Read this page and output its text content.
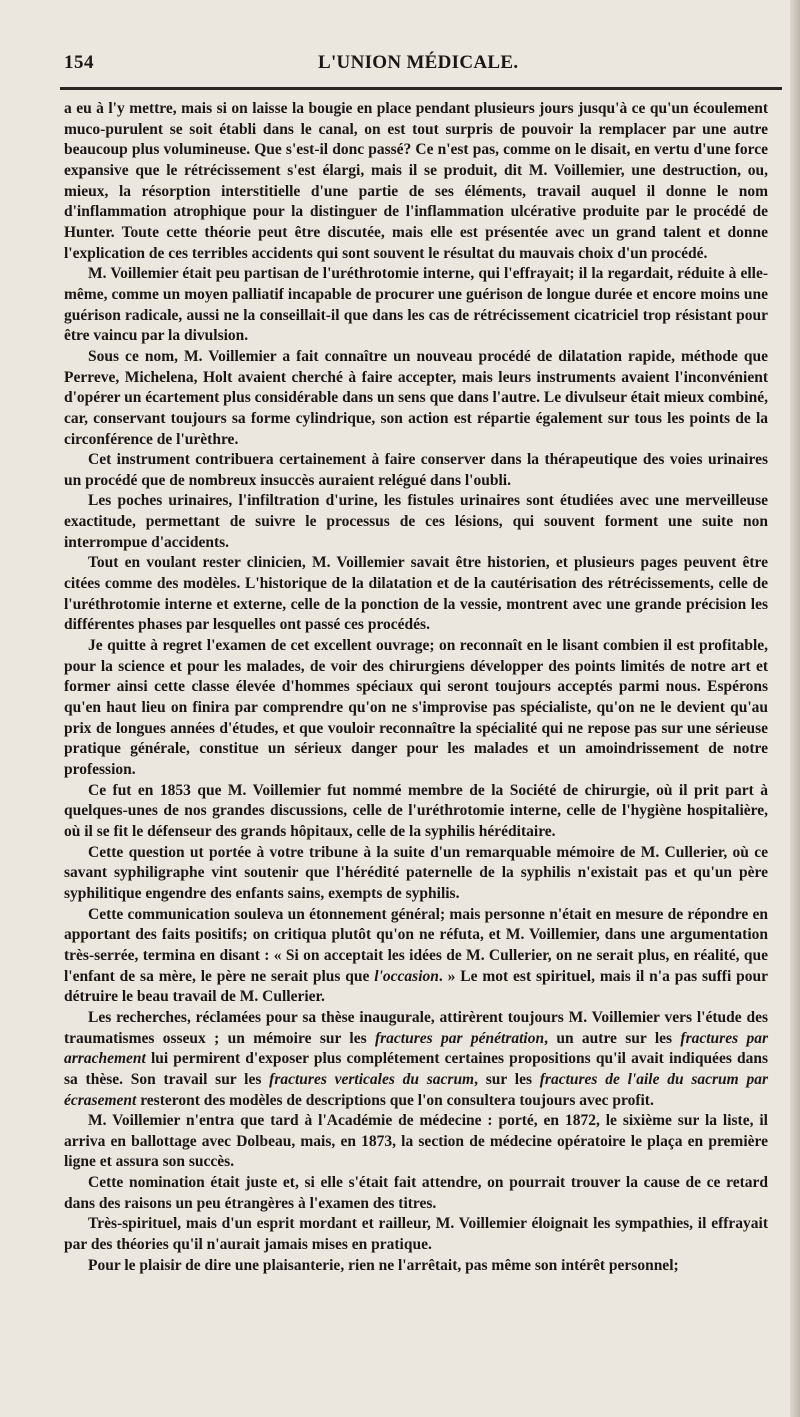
154	L'UNION MÉDICALE.

a eu à l'y mettre, mais si on laisse la bougie en place pendant plusieurs jours jusqu'à ce qu'un écoulement muco-purulent se soit établi dans le canal, on est tout surpris de pouvoir la remplacer par une autre beaucoup plus volumineuse. Que s'est-il donc passé? Ce n'est pas, comme on le disait, en vertu d'une force expansive que le rétrécissement s'est élargi, mais il se produit, dit M. Voillemier, une destruction, ou, mieux, la résorption interstitielle d'une partie de ses éléments, travail auquel il donne le nom d'inflammation atrophique pour la distinguer de l'inflammation ulcérative produite par le procédé de Hunter. Toute cette théorie peut être discutée, mais elle est présentée avec un grand talent et donne l'explication de ces terribles accidents qui sont souvent le résultat du mauvais choix d'un procédé.

M. Voillemier était peu partisan de l'uréthrotomie interne, qui l'effrayait; il la regardait, réduite à elle-même, comme un moyen palliatif incapable de procurer une guérison de longue durée et encore moins une guérison radicale, aussi ne la conseillait-il que dans les cas de rétrécissement cicatriciel trop résistant pour être vaincu par la divulsion.

Sous ce nom, M. Voillemier a fait connaître un nouveau procédé de dilatation rapide, méthode que Perreve, Michelena, Holt avaient cherché à faire accepter, mais leurs instruments avaient l'inconvénient d'opérer un écartement plus considérable dans un sens que dans l'autre. Le divulseur était mieux combiné, car, conservant toujours sa forme cylindrique, son action est répartie également sur tous les points de la circonférence de l'urèthre.

Cet instrument contribuera certainement à faire conserver dans la thérapeutique des voies urinaires un procédé que de nombreux insuccès auraient relégué dans l'oubli.

Les poches urinaires, l'infiltration d'urine, les fistules urinaires sont étudiées avec une merveilleuse exactitude, permettant de suivre le processus de ces lésions, qui souvent forment une suite non interrompue d'accidents.

Tout en voulant rester clinicien, M. Voillemier savait être historien, et plusieurs pages peuvent être citées comme des modèles. L'historique de la dilatation et de la cautérisation des rétrécissements, celle de l'uréthrotomie interne et externe, celle de la ponction de la vessie, montrent avec une grande précision les différentes phases par lesquelles ont passé ces procédés.

Je quitte à regret l'examen de cet excellent ouvrage; on reconnaît en le lisant combien il est profitable, pour la science et pour les malades, de voir des chirurgiens développer des points limités de notre art et former ainsi cette classe élevée d'hommes spéciaux qui seront toujours acceptés parmi nous. Espérons qu'en haut lieu on finira par comprendre qu'on ne s'improvise pas spécialiste, qu'on ne le devient qu'au prix de longues années d'études, et que vouloir reconnaître la spécialité qui ne repose pas sur une sérieuse pratique générale, constitue un sérieux danger pour les malades et un amoindrissement de notre profession.

Ce fut en 1853 que M. Voillemier fut nommé membre de la Société de chirurgie, où il prit part à quelques-unes de nos grandes discussions, celle de l'uréthrotomie interne, celle de l'hygiène hospitalière, où il se fit le défenseur des grands hôpitaux, celle de la syphilis héréditaire.

Cette question ut portée à votre tribune à la suite d'un remarquable mémoire de M. Cullerier, où ce savant syphiligraphe vint soutenir que l'hérédité paternelle de la syphilis n'existait pas et qu'un père syphilitique engendre des enfants sains, exempts de syphilis.

Cette communication souleva un étonnement général; mais personne n'était en mesure de répondre en apportant des faits positifs; on critiqua plutôt qu'on ne réfuta, et M. Voillemier, dans une argumentation très-serrée, termina en disant : « Si on acceptait les idées de M. Cullerier, on ne serait plus, en réalité, que l'enfant de sa mère, le père ne serait plus que l'occasion. » Le mot est spirituel, mais il n'a pas suffi pour détruire le beau travail de M. Cullerier.

Les recherches, réclamées pour sa thèse inaugurale, attirèrent toujours M. Voillemier vers l'étude des traumatismes osseux ; un mémoire sur les fractures par pénétration, un autre sur les fractures par arrachement lui permirent d'exposer plus complétement certaines propositions qu'il avait indiquées dans sa thèse. Son travail sur les fractures verticales du sacrum, sur les fractures de l'aile du sacrum par écrasement resteront des modèles de descriptions que l'on consultera toujours avec profit.

M. Voillemier n'entra que tard à l'Académie de médecine : porté, en 1872, le sixième sur la liste, il arriva en ballottage avec Dolbeau, mais, en 1873, la section de médecine opératoire le plaça en première ligne et assura son succès.

Cette nomination était juste et, si elle s'était fait attendre, on pourrait trouver la cause de ce retard dans des raisons un peu étrangères à l'examen des titres.

Très-spirituel, mais d'un esprit mordant et railleur, M. Voillemier éloignait les sympathies, il effrayait par des théories qu'il n'aurait jamais mises en pratique.

Pour le plaisir de dire une plaisanterie, rien ne l'arrêtait, pas même son intérêt personnel;
